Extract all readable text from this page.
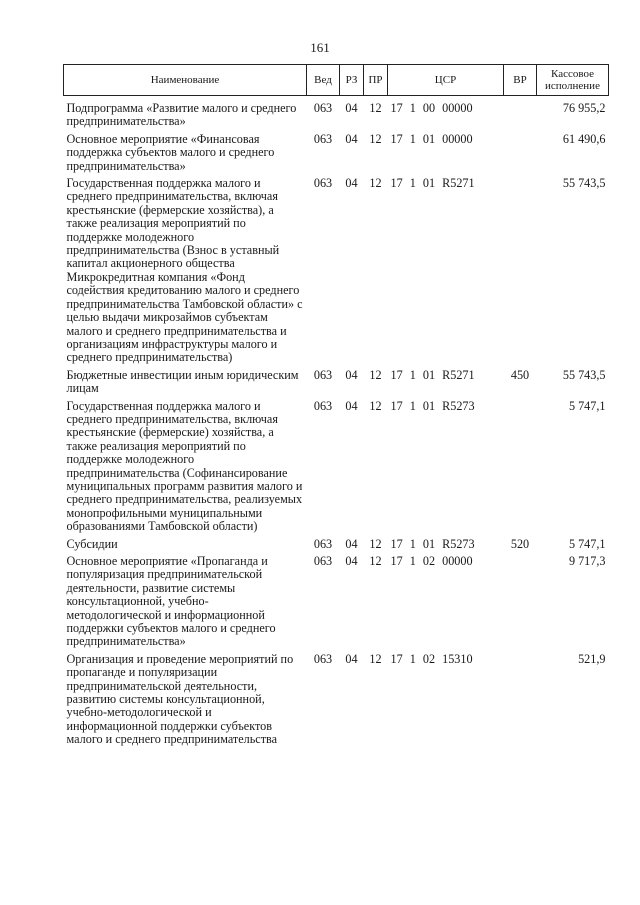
161
Наименование	Вед	РЗ	ПР	ЦСР	ВР	Кассовое
исполнение

Подпрограмма «Развитие малого и среднего предпринимательства»	063	04	12	17 1 00 00000		76 955,2
Основное мероприятие «Финансовая поддержка субъектов малого и среднего предпринимательства»	063	04	12	17 1 01 00000		61 490,6
Государственная поддержка малого и среднего предпринимательства, включая крестьянские (фермерские хозяйства), а также реализация мероприятий по поддержке молодежного предпринимательства (Взнос в уставный капитал акционерного общества Микрокредитная компания «Фонд содействия кредитованию малого и среднего предпринимательства Тамбовской области» с целью выдачи микрозаймов субъектам малого и среднего предпринимательства и организациям инфраструктуры малого и среднего предпринимательства)	063	04	12	17 1 01 R5271		55 743,5
Бюджетные инвестиции иным юридическим лицам	063	04	12	17 1 01 R5271	450	55 743,5
Государственная поддержка малого и среднего предпринимательства, включая крестьянские (фермерские) хозяйства, а также реализация мероприятий по поддержке молодежного предпринимательства (Софинансирование муниципальных программ развития малого и среднего предпринимательства, реализуемых монопрофильными муниципальными образованиями Тамбовской области)	063	04	12	17 1 01 R5273		5 747,1
Субсидии	063	04	12	17 1 01 R5273	520	5 747,1
Основное мероприятие «Пропаганда и популяризация предпринимательской деятельности, развитие системы консультационной, учебно-методологической и информационной поддержки субъектов малого и среднего предпринимательства»	063	04	12	17 1 02 00000		9 717,3
Организация и проведение мероприятий по пропаганде и популяризации предпринимательской деятельности, развитию системы консультационной, учебно-методологической и информационной поддержки субъектов малого и среднего предпринимательства	063	04	12	17 1 02 15310		521,9
